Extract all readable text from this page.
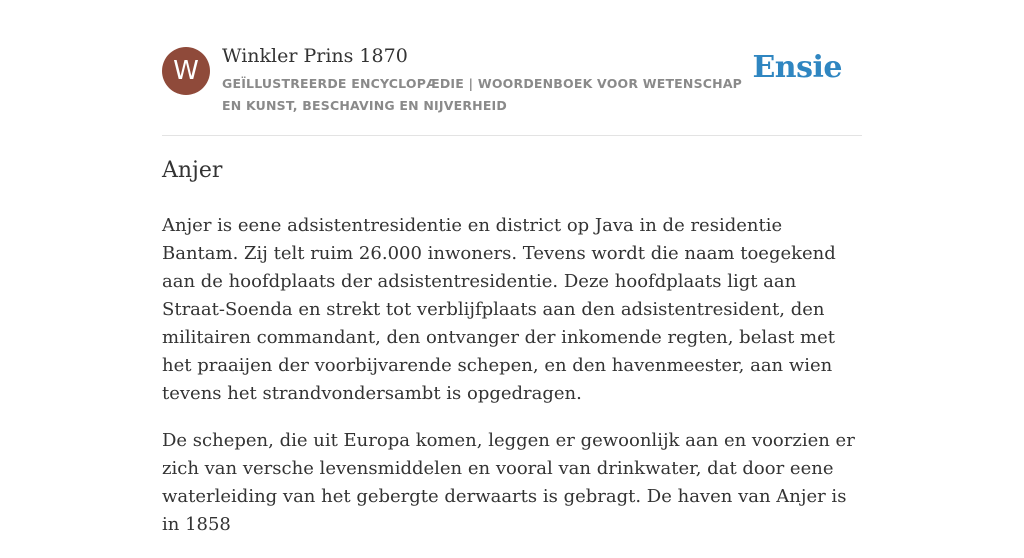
W	Winkler Prins 1870
GEÏLLUSTREERDE ENCYCLOPÆDIE | WOORDENBOEK VOOR WETENSCHAP EN KUNST, BESCHAVING EN NIJVERHEID
Ensie
Anjer

Anjer is eene adsistentresidentie en district op Java in de residentie Bantam. Zij telt ruim 26.000 inwoners. Tevens wordt die naam toegekend aan de hoofdplaats der adsistentresidentie. Deze hoofdplaats ligt aan Straat-Soenda en strekt tot verblijfplaats aan den adsistentresident, den militairen commandant, den ontvanger der inkomende regten, belast met het praaijen der voorbijvarende schepen, en den havenmeester, aan wien tevens het strandvondersambt is opgedragen.

De schepen, die uit Europa komen, leggen er gewoonlijk aan en voorzien er zich van versche levensmiddelen en vooral van drinkwater, dat door eene waterleiding van het gebergte derwaarts is gebragt. De haven van Anjer is in 1858
